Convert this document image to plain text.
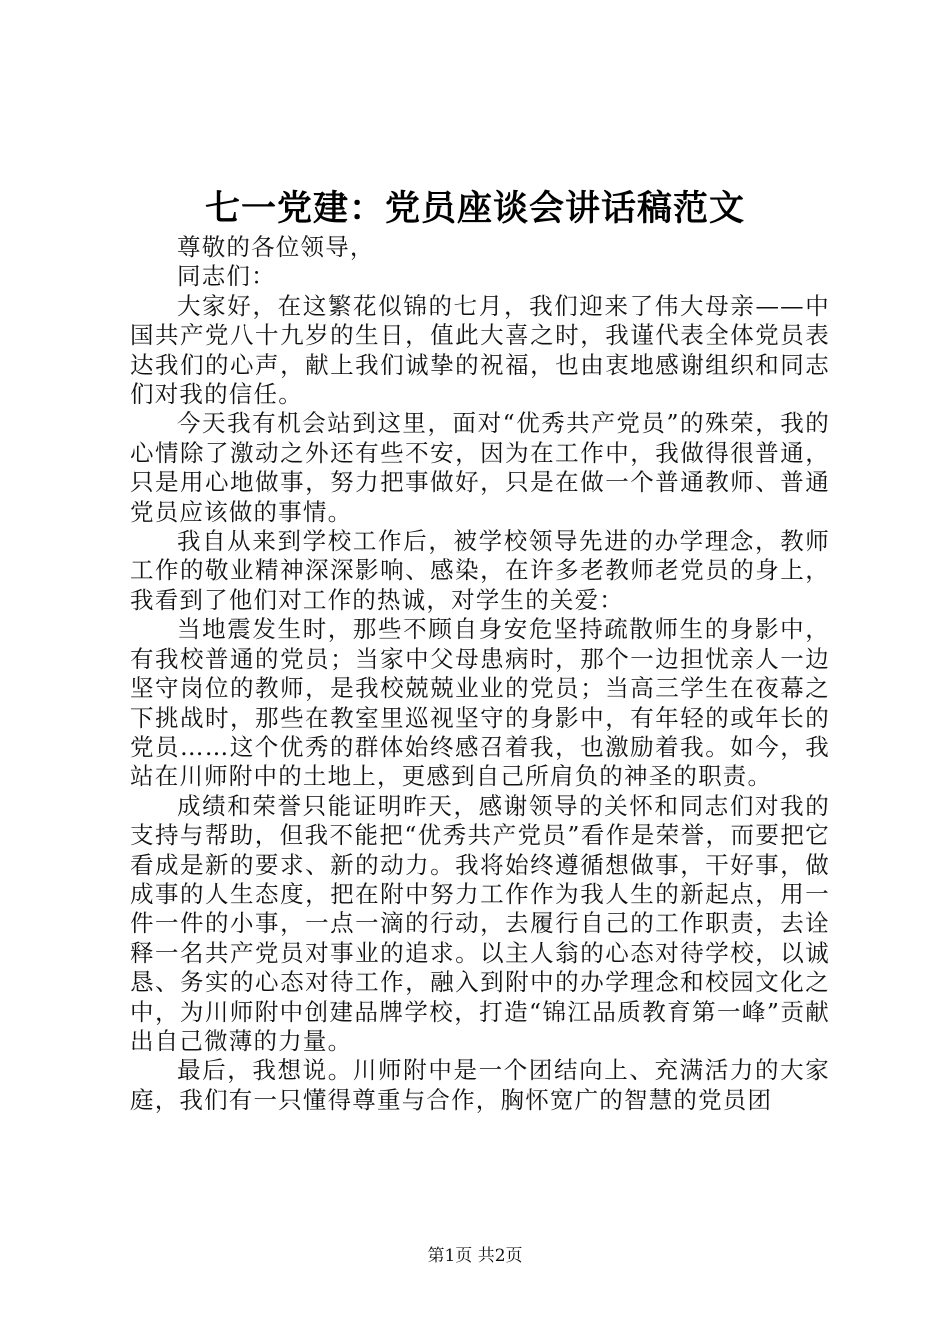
七一党建：党员座谈会讲话稿范文

尊敬的各位领导，

同志们：

大家好，在这繁花似锦的七月，我们迎来了伟大母亲——中国共产党八十九岁的生日，值此大喜之时，我谨代表全体党员表达我们的心声，献上我们诚挚的祝福，也由衷地感谢组织和同志们对我的信任。

今天我有机会站到这里，面对“优秀共产党员”的殊荣，我的心情除了激动之外还有些不安，因为在工作中，我做得很普通，只是用心地做事，努力把事做好，只是在做一个普通教师、普通党员应该做的事情。

我自从来到学校工作后，被学校领导先进的办学理念，教师工作的敬业精神深深影响、感染，在许多老教师老党员的身上，我看到了他们对工作的热诚，对学生的关爱：

当地震发生时，那些不顾自身安危坚持疏散师生的身影中，有我校普通的党员；当家中父母患病时，那个一边担忧亲人一边坚守岗位的教师，是我校兢兢业业的党员；当高三学生在夜幕之下挑战时，那些在教室里巡视坚守的身影中，有年轻的或年长的党员……这个优秀的群体始终感召着我，也激励着我。如今，我站在川师附中的土地上，更感到自己所肩负的神圣的职责。

成绩和荣誉只能证明昨天，感谢领导的关怀和同志们对我的支持与帮助，但我不能把“优秀共产党员”看作是荣誉，而要把它看成是新的要求、新的动力。我将始终遵循想做事，干好事，做成事的人生态度，把在附中努力工作作为我人生的新起点，用一件一件的小事，一点一滴的行动，去履行自己的工作职责，去诠释一名共产党员对事业的追求。以主人翁的心态对待学校，以诚恳、务实的心态对待工作，融入到附中的办学理念和校园文化之中，为川师附中创建品牌学校，打造“锦江品质教育第一峰”贡献出自己微薄的力量。

最后，我想说。川师附中是一个团结向上、充满活力的大家庭，我们有一只懂得尊重与合作，胸怀宽广的智慧的党员团

第1页 共2页
